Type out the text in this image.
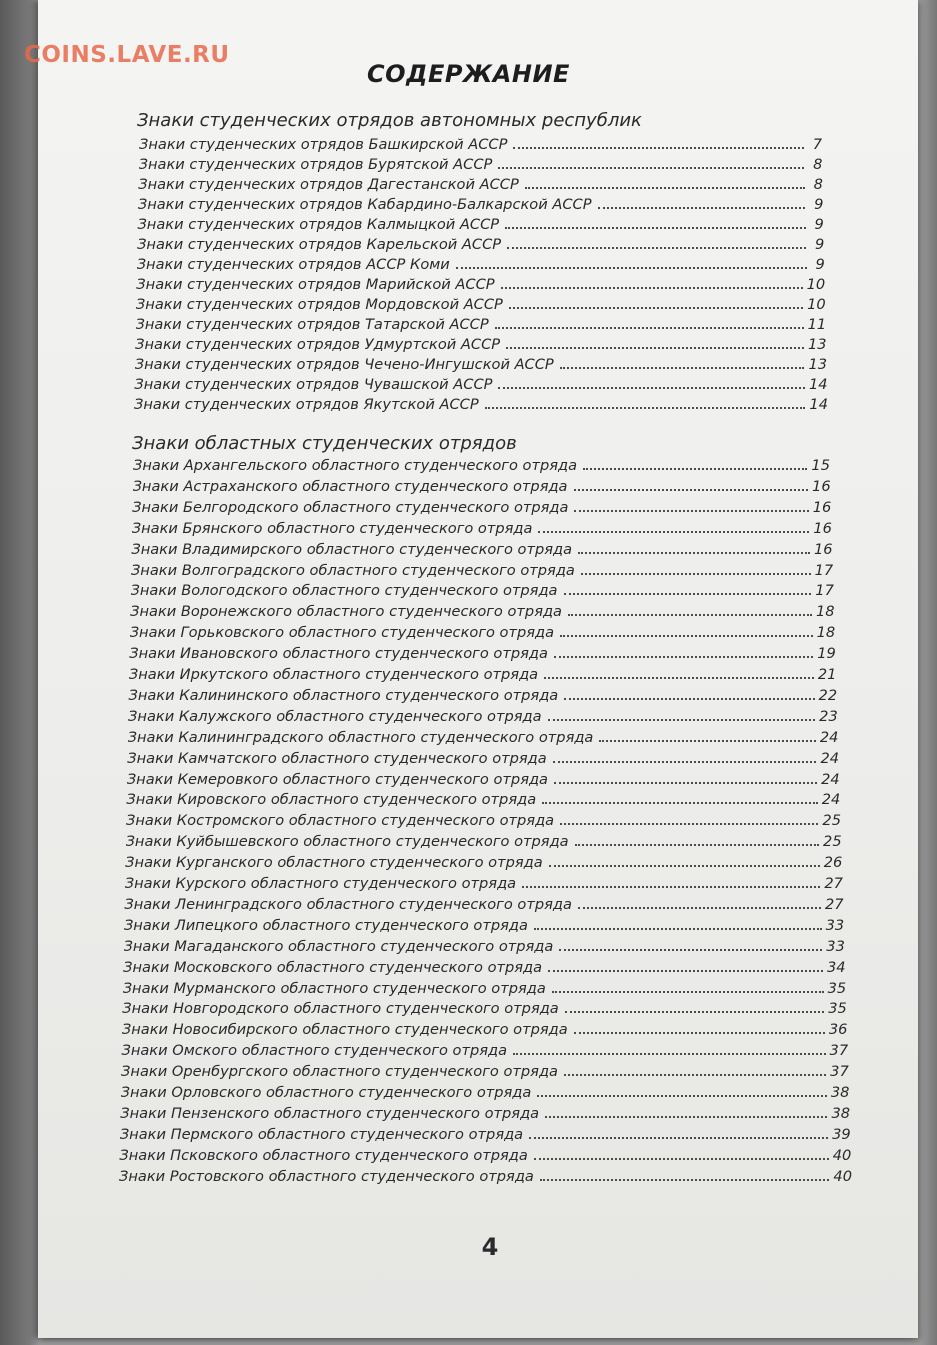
COINS.LAVE.RU
СОДЕРЖАНИЕ
Знаки студенческих отрядов автономных республик
Знаки студенческих отрядов Башкирской АССР	7
Знаки студенческих отрядов Бурятской АССР	8
Знаки студенческих отрядов Дагестанской АССР	8
Знаки студенческих отрядов Кабардино-Балкарской АССР	9
Знаки студенческих отрядов Калмыцкой АССР	9
Знаки студенческих отрядов Карельской АССР	9
Знаки студенческих отрядов АССР Коми	9
Знаки студенческих отрядов Марийской АССР	10
Знаки студенческих отрядов Мордовской АССР	10
Знаки студенческих отрядов Татарской АССР	11
Знаки студенческих отрядов Удмуртской АССР	13
Знаки студенческих отрядов Чечено-Ингушской АССР	13
Знаки студенческих отрядов Чувашской АССР	14
Знаки студенческих отрядов Якутской АССР	14
Знаки областных студенческих отрядов
Знаки Архангельского областного студенческого отряда	15
Знаки Астраханского областного студенческого отряда	16
Знаки Белгородского областного студенческого отряда	16
Знаки Брянского областного студенческого отряда	16
Знаки Владимирского областного студенческого отряда	16
Знаки Волгоградского областного студенческого отряда	17
Знаки Вологодского областного студенческого отряда	17
Знаки Воронежского областного студенческого отряда	18
Знаки Горьковского областного студенческого отряда	18
Знаки Ивановского областного студенческого отряда	19
Знаки Иркутского областного студенческого отряда	21
Знаки Калининского областного студенческого отряда	22
Знаки Калужского областного студенческого отряда	23
Знаки Калининградского областного студенческого отряда	24
Знаки Камчатского областного студенческого отряда	24
Знаки Кемеровкого областного студенческого отряда	24
Знаки Кировского областного студенческого отряда	24
Знаки Костромского областного студенческого отряда	25
Знаки Куйбышевского областного студенческого отряда	25
Знаки Курганского областного студенческого отряда	26
Знаки Курского областного студенческого отряда	27
Знаки Ленинградского областного студенческого отряда	27
Знаки Липецкого областного студенческого отряда	33
Знаки Магаданского областного студенческого отряда	33
Знаки Московского областного студенческого отряда	34
Знаки Мурманского областного студенческого отряда	35
Знаки Новгородского областного студенческого отряда	35
Знаки Новосибирского областного студенческого отряда	36
Знаки Омского областного студенческого отряда	37
Знаки Оренбургского областного студенческого отряда	37
Знаки Орловского областного студенческого отряда	38
Знаки Пензенского областного студенческого отряда	38
Знаки Пермского областного студенческого отряда	39
Знаки Псковского областного студенческого отряда	40
Знаки Ростовского областного студенческого отряда	40
4
